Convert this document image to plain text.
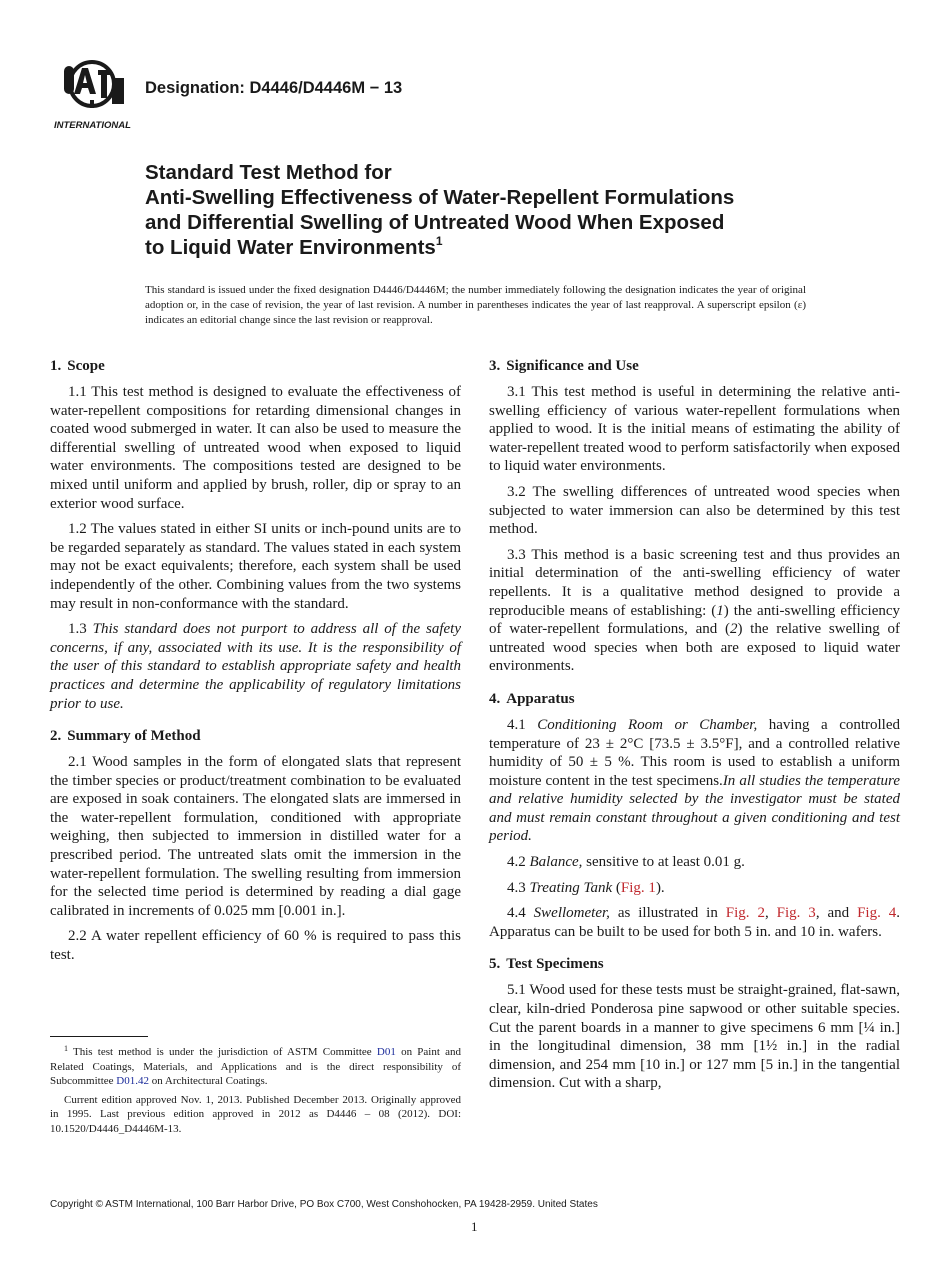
INTERNATIONAL
Designation: D4446/D4446M − 13
Standard Test Method for
Anti-Swelling Effectiveness of Water-Repellent Formulations
and Differential Swelling of Untreated Wood When Exposed
to Liquid Water Environments$^1$
This standard is issued under the fixed designation D4446/D4446M; the number immediately following the designation indicates the year of original adoption or, in the case of revision, the year of last revision. A number in parentheses indicates the year of last reapproval. A superscript epsilon (ε) indicates an editorial change since the last revision or reapproval.
1. Scope

1.1 This test method is designed to evaluate the effectiveness of water-repellent compositions for retarding dimensional changes in coated wood submerged in water. It can also be used to measure the differential swelling of untreated wood when exposed to liquid water environments. The compositions tested are designed to be mixed until uniform and applied by brush, roller, dip or spray to an exterior wood surface.

1.2 The values stated in either SI units or inch-pound units are to be regarded separately as standard. The values stated in each system may not be exact equivalents; therefore, each system shall be used independently of the other. Combining values from the two systems may result in non-conformance with the standard.

1.3 This standard does not purport to address all of the safety concerns, if any, associated with its use. It is the responsibility of the user of this standard to establish appropriate safety and health practices and determine the applicability of regulatory limitations prior to use.

2. Summary of Method

2.1 Wood samples in the form of elongated slats that represent the timber species or product/treatment combination to be evaluated are exposed in soak containers. The elongated slats are immersed in the water-repellent formulation, conditioned with appropriate weighing, then subjected to immersion in distilled water for a prescribed period. The untreated slats omit the immersion in the water-repellent formulation. The swelling resulting from immersion for the selected time period is determined by reading a dial gage calibrated in increments of 0.025 mm [0.001 in.].

2.2 A water repellent efficiency of 60 % is required to pass this test.

3. Significance and Use

3.1 This test method is useful in determining the relative anti-swelling efficiency of various water-repellent formulations when applied to wood. It is the initial means of estimating the ability of water-repellent treated wood to perform satisfactorily when exposed to liquid water environments.

3.2 The swelling differences of untreated wood species when subjected to water immersion can also be determined by this test method.

3.3 This method is a basic screening test and thus provides an initial determination of the anti-swelling efficiency of water repellents. It is a qualitative method designed to provide a reproducible means of establishing: (1) the anti-swelling efficiency of water-repellent formulations, and (2) the relative swelling of untreated wood species when both are exposed to liquid water environments.

4. Apparatus

4.1 Conditioning Room or Chamber, having a controlled temperature of 23 ± 2°C [73.5 ± 3.5°F], and a controlled relative humidity of 50 ± 5 %. This room is used to establish a uniform moisture content in the test specimens.In all studies the temperature and relative humidity selected by the investigator must be stated and must remain constant throughout a given conditioning and test period.

4.2 Balance, sensitive to at least 0.01 g.

4.3 Treating Tank (Fig. 1).

4.4 Swellometer, as illustrated in Fig. 2, Fig. 3, and Fig. 4. Apparatus can be built to be used for both 5 in. and 10 in. wafers.

5. Test Specimens

5.1 Wood used for these tests must be straight-grained, flat-sawn, clear, kiln-dried Ponderosa pine sapwood or other suitable species. Cut the parent boards in a manner to give specimens 6 mm [¼ in.] in the longitudinal dimension, 38 mm [1½ in.] in the radial dimension, and 254 mm [10 in.] or 127 mm [5 in.] in the tangential dimension. Cut with a sharp,

$^1$ This test method is under the jurisdiction of ASTM Committee D01 on Paint and Related Coatings, Materials, and Applications and is the direct responsibility of Subcommittee D01.42 on Architectural Coatings.

Current edition approved Nov. 1, 2013. Published December 2013. Originally approved in 1995. Last previous edition approved in 2012 as D4446 – 08 (2012). DOI: 10.1520/D4446_D4446M-13.

Copyright © ASTM International, 100 Barr Harbor Drive, PO Box C700, West Conshohocken, PA 19428-2959. United States
1
